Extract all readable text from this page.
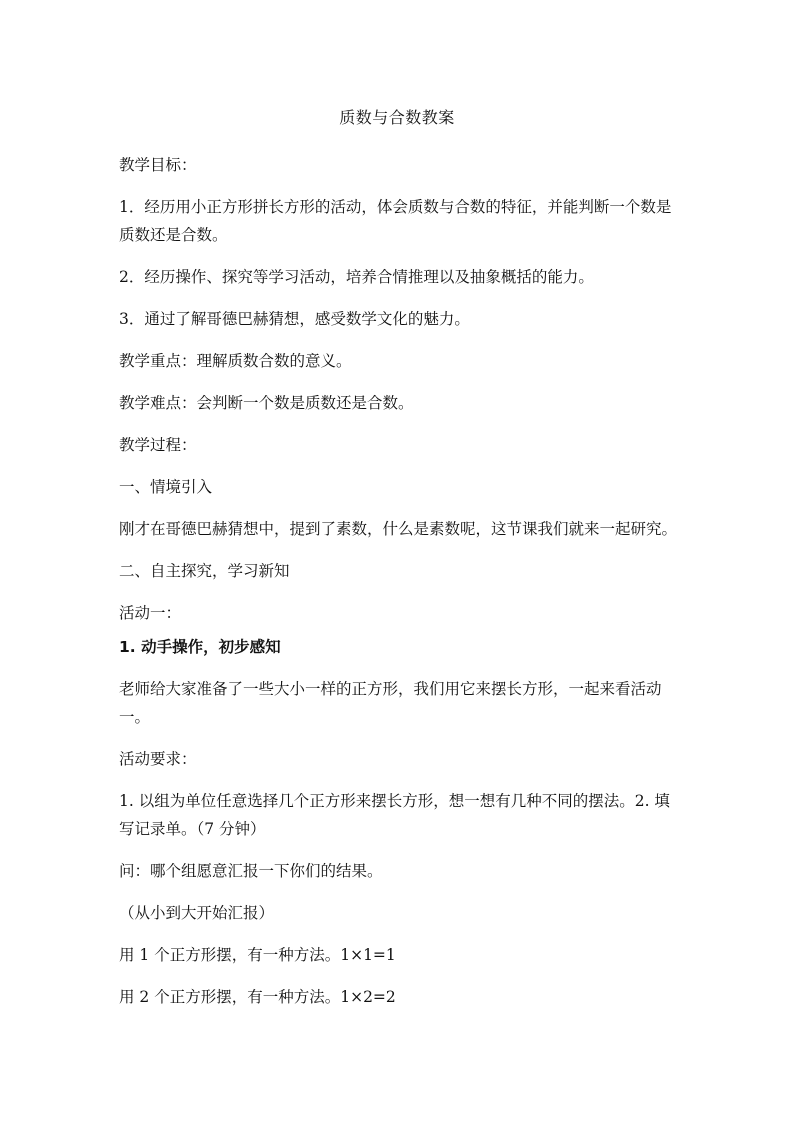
质数与合数教案

教学目标：

1．经历用小正方形拼长方形的活动，体会质数与合数的特征，并能判断一个数是质数还是合数。

2．经历操作、探究等学习活动，培养合情推理以及抽象概括的能力。

3．通过了解哥德巴赫猜想，感受数学文化的魅力。

教学重点：理解质数合数的意义。

教学难点：会判断一个数是质数还是合数。

教学过程：

一、情境引入

刚才在哥德巴赫猜想中，提到了素数，什么是素数呢，这节课我们就来一起研究。

二、自主探究，学习新知

活动一：

1. 动手操作，初步感知

老师给大家准备了一些大小一样的正方形，我们用它来摆长方形，一起来看活动一。

活动要求：

1. 以组为单位任意选择几个正方形来摆长方形，想一想有几种不同的摆法。2. 填写记录单。（7 分钟）

问：哪个组愿意汇报一下你们的结果。

（从小到大开始汇报）

用 1 个正方形摆，有一种方法。1×1=1

用 2 个正方形摆，有一种方法。1×2=2
